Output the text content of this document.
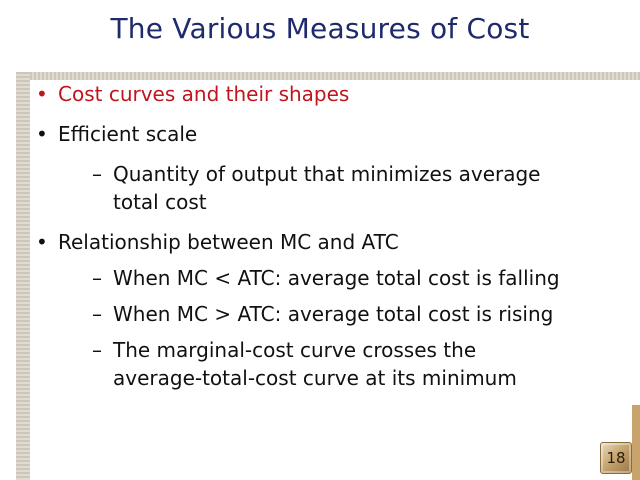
The Various Measures of Cost

• Cost curves and their shapes

• Efficient scale

– Quantity of output that minimizes average
total cost

• Relationship between MC and ATC

– When MC < ATC: average total cost is falling

– When MC > ATC: average total cost is rising

– The marginal-cost curve crosses the
average-total-cost curve at its minimum

18
